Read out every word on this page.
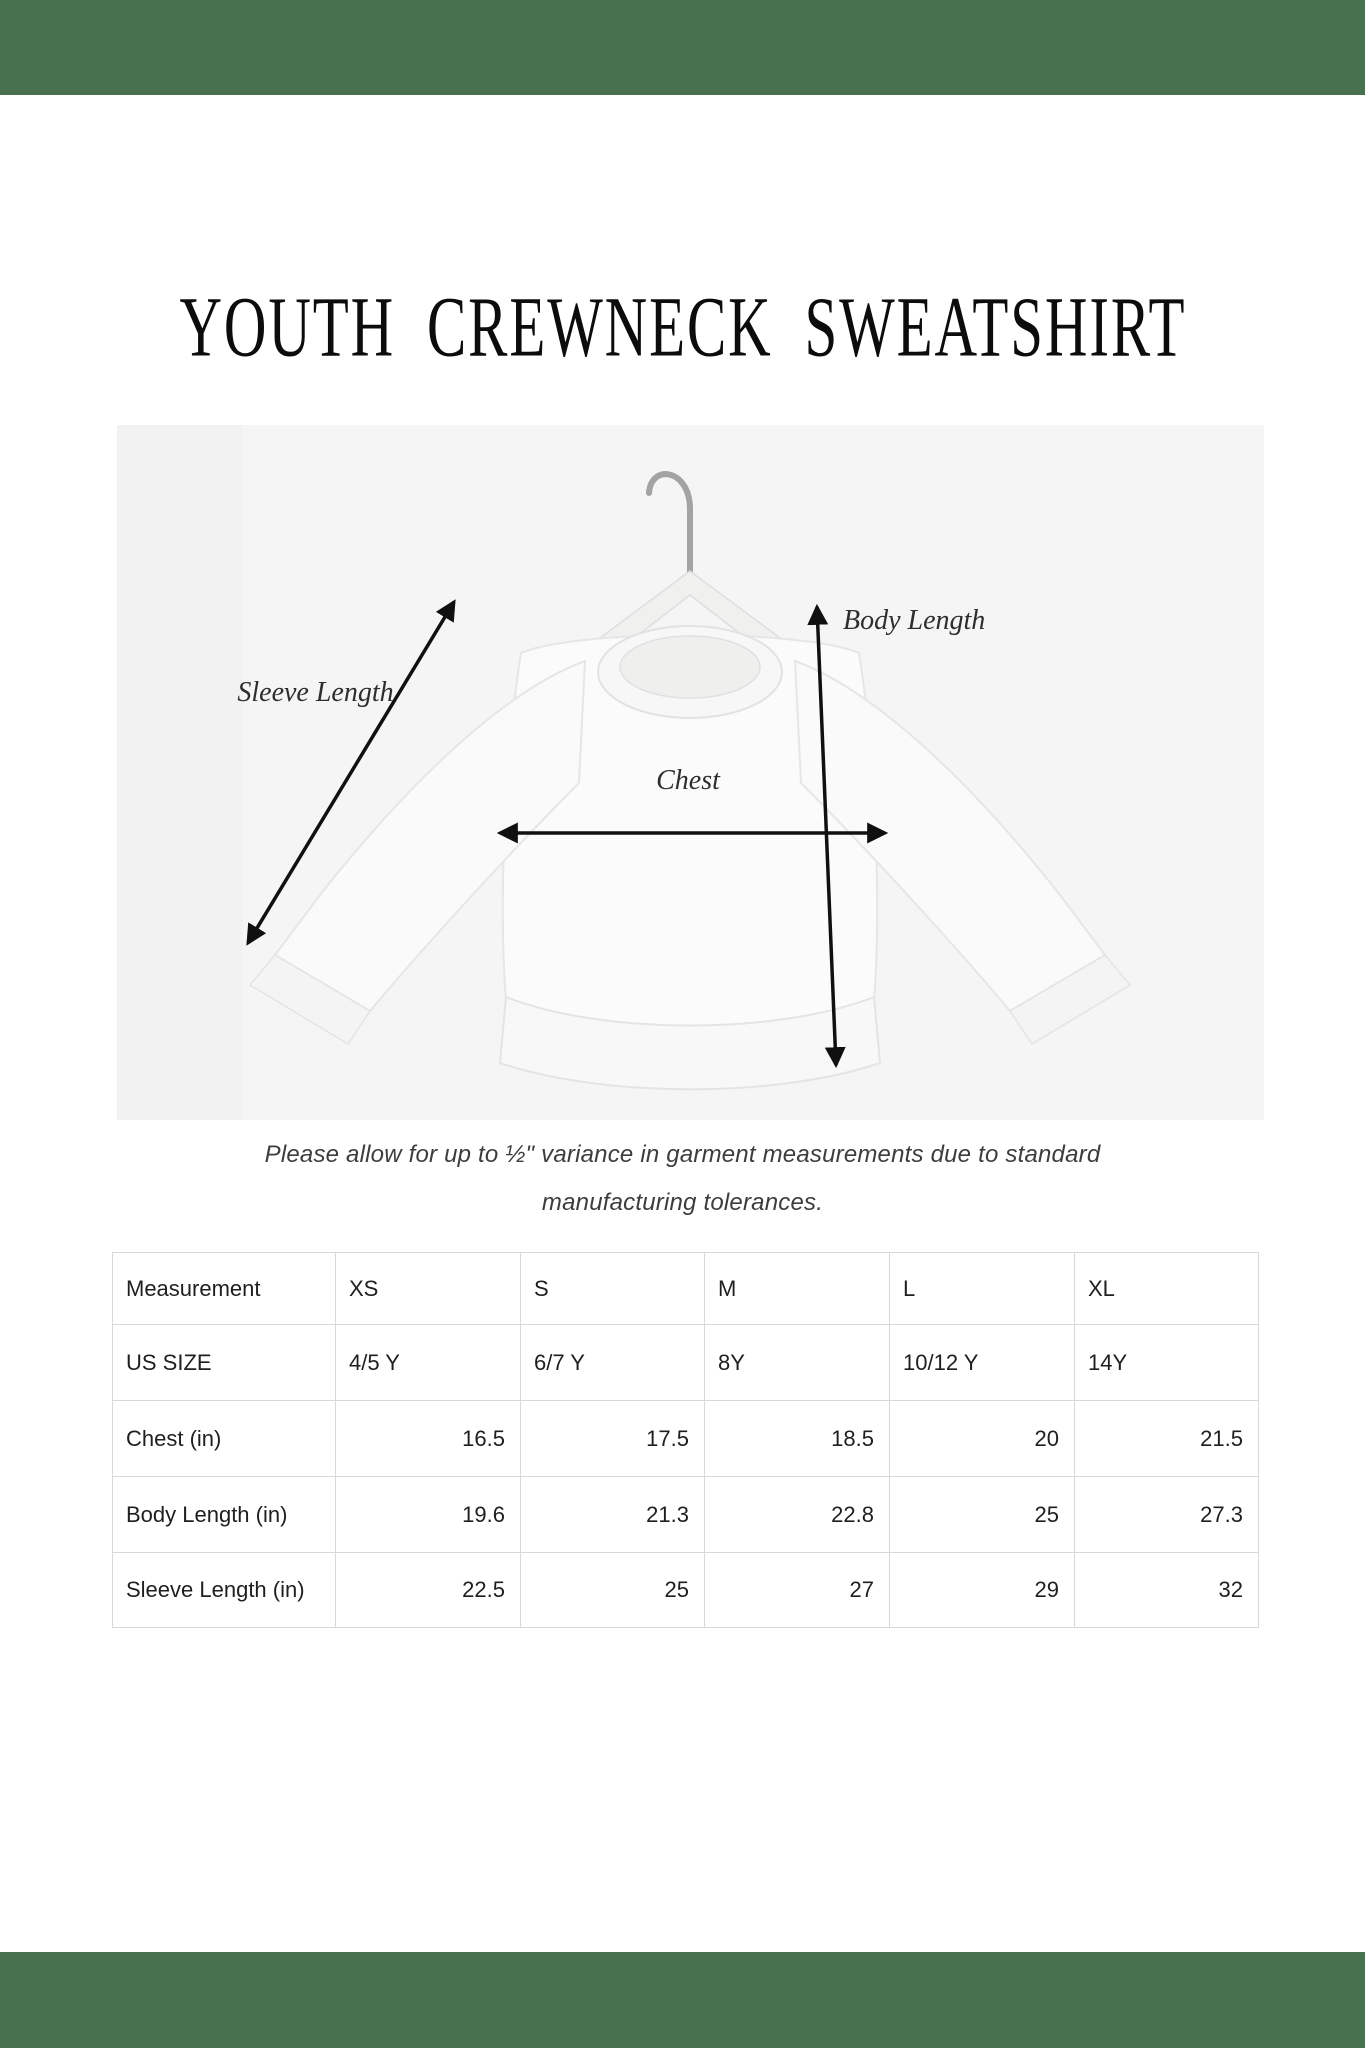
YOUTH CREWNECK SWEATSHIRT
Sleeve Length
Body Length
Chest
Please allow for up to ½" variance in garment measurements due to standard
manufacturing tolerances.
Measurement	XS	S	M	L	XL
US SIZE	4/5 Y	6/7 Y	8Y	10/12 Y	14Y
Chest (in)	16.5	17.5	18.5	20	21.5
Body Length (in)	19.6	21.3	22.8	25	27.3
Sleeve Length (in)	22.5	25	27	29	32
